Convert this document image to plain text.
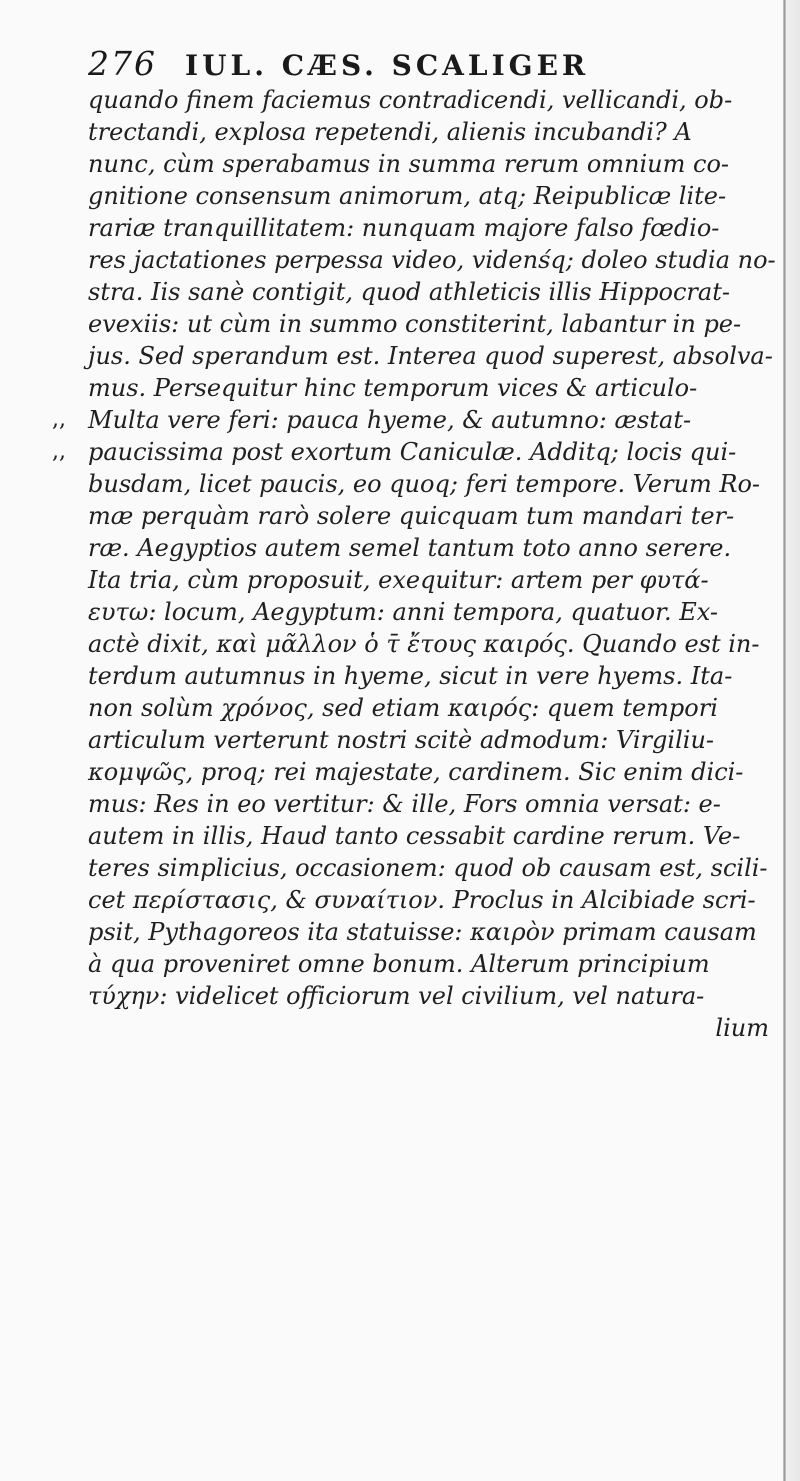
276 IUL. CÆS. SCALIGER
quando finem faciemus contradicendi, vellicandi, ob-
trectandi, explosa repetendi, alienis incubandi? A
nunc, cùm sperabamus in summa rerum omnium co-
gnitione consensum animorum, atq; Reipublicæ lite-
rariæ tranquillitatem: nunquam majore falso fœdio-
res jactationes perpessa video, videnśq; doleo studia no-
stra. Iis sanè contigit, quod athleticis illis Hippocrat-
evexiis: ut cùm in summo constiterint, labantur in pe-
jus. Sed sperandum est. Interea quod superest, absolva-
mus. Persequitur hinc temporum vices & articulo-
,, Multa vere feri: pauca hyeme, & autumno: æstat-
,, paucissima post exortum Caniculæ. Additq; locis qui-
busdam, licet paucis, eo quoq; feri tempore. Verum Ro-
mæ perquàm rarò solere quicquam tum mandari ter-
ræ. Aegyptios autem semel tantum toto anno serere.
Ita tria, cùm proposuit, exequitur: artem per φυτά-
ευτω: locum, Aegyptum: anni tempora, quatuor. Ex-
actè dixit, καὶ μᾶλλον ὁ τ̄ ἔτους καιρός. Quando est in-
terdum autumnus in hyeme, sicut in vere hyems. Ita-
non solùm χρόνος, sed etiam καιρός: quem tempori
articulum verterunt nostri scitè admodum: Virgiliu-
κομψῶς, proq; rei majestate, cardinem. Sic enim dici-
mus: Res in eo vertitur: & ille, Fors omnia versat: e-
autem in illis, Haud tanto cessabit cardine rerum. Ve-
teres simplicius, occasionem: quod ob causam est, scili-
cet περίστασις, & συναίτιον. Proclus in Alcibiade scri-
psit, Pythagoreos ita statuisse: καιρὸν primam causam
à qua proveniret omne bonum. Alterum principium
τύχην: videlicet officiorum vel civilium, vel natura-
lium
